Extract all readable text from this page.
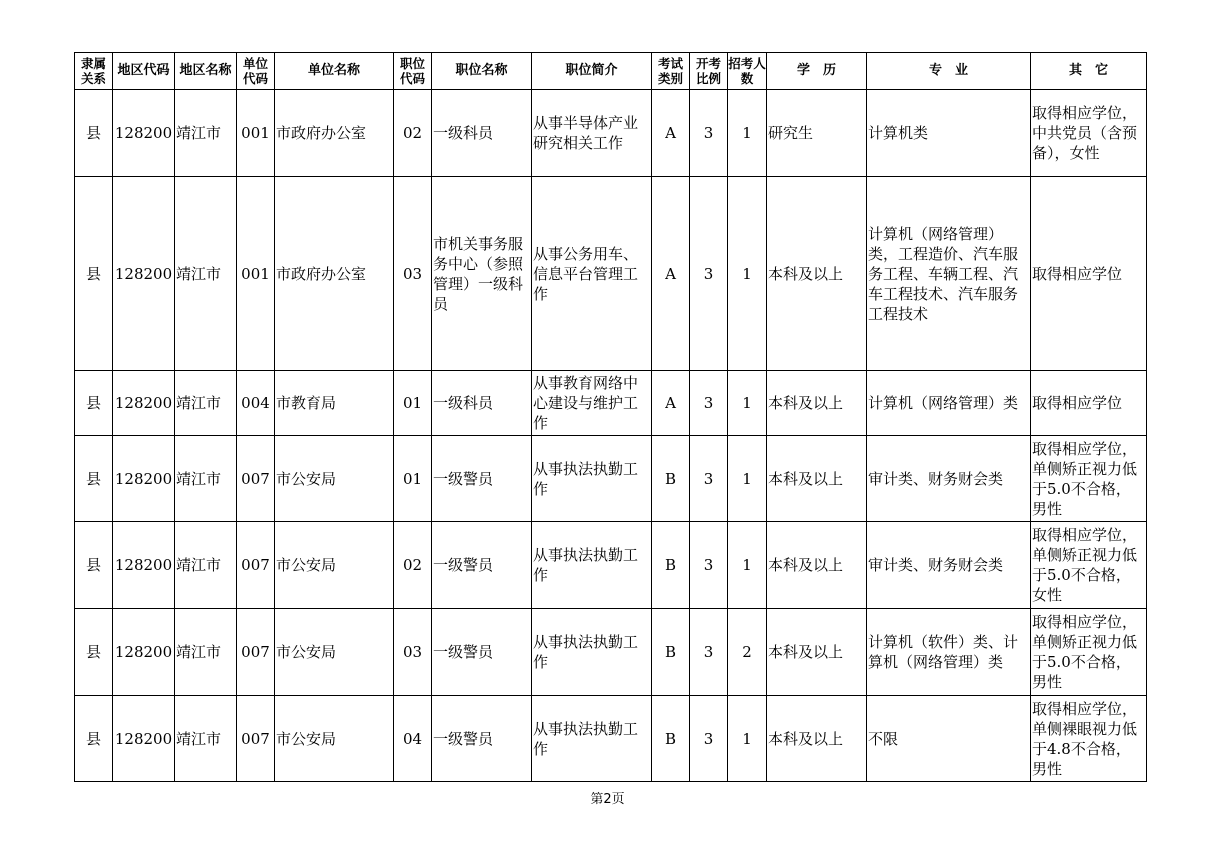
隶属关系	地区代码	地区名称	单位代码	单位名称	职位代码	职位名称	职位简介	考试类别	开考比例	招考人数	学　历	专　业	其　它
县	128200	靖江市	001	市政府办公室	02	一级科员	从事半导体产业研究相关工作	A	3	1	研究生	计算机类	取得相应学位，中共党员（含预备），女性
县	128200	靖江市	001	市政府办公室	03	市机关事务服务中心（参照管理）一级科员	从事公务用车、信息平台管理工作	A	3	1	本科及以上	计算机（网络管理）类，工程造价、汽车服务工程、车辆工程、汽车工程技术、汽车服务工程技术	取得相应学位
县	128200	靖江市	004	市教育局	01	一级科员	从事教育网络中心建设与维护工作	A	3	1	本科及以上	计算机（网络管理）类	取得相应学位
县	128200	靖江市	007	市公安局	01	一级警员	从事执法执勤工作	B	3	1	本科及以上	审计类、财务财会类	取得相应学位，单侧矫正视力低于5.0不合格，男性
县	128200	靖江市	007	市公安局	02	一级警员	从事执法执勤工作	B	3	1	本科及以上	审计类、财务财会类	取得相应学位，单侧矫正视力低于5.0不合格，女性
县	128200	靖江市	007	市公安局	03	一级警员	从事执法执勤工作	B	3	2	本科及以上	计算机（软件）类、计算机（网络管理）类	取得相应学位，单侧矫正视力低于5.0不合格，男性
县	128200	靖江市	007	市公安局	04	一级警员	从事执法执勤工作	B	3	1	本科及以上	不限	取得相应学位，单侧裸眼视力低于4.8不合格，男性
第2页
